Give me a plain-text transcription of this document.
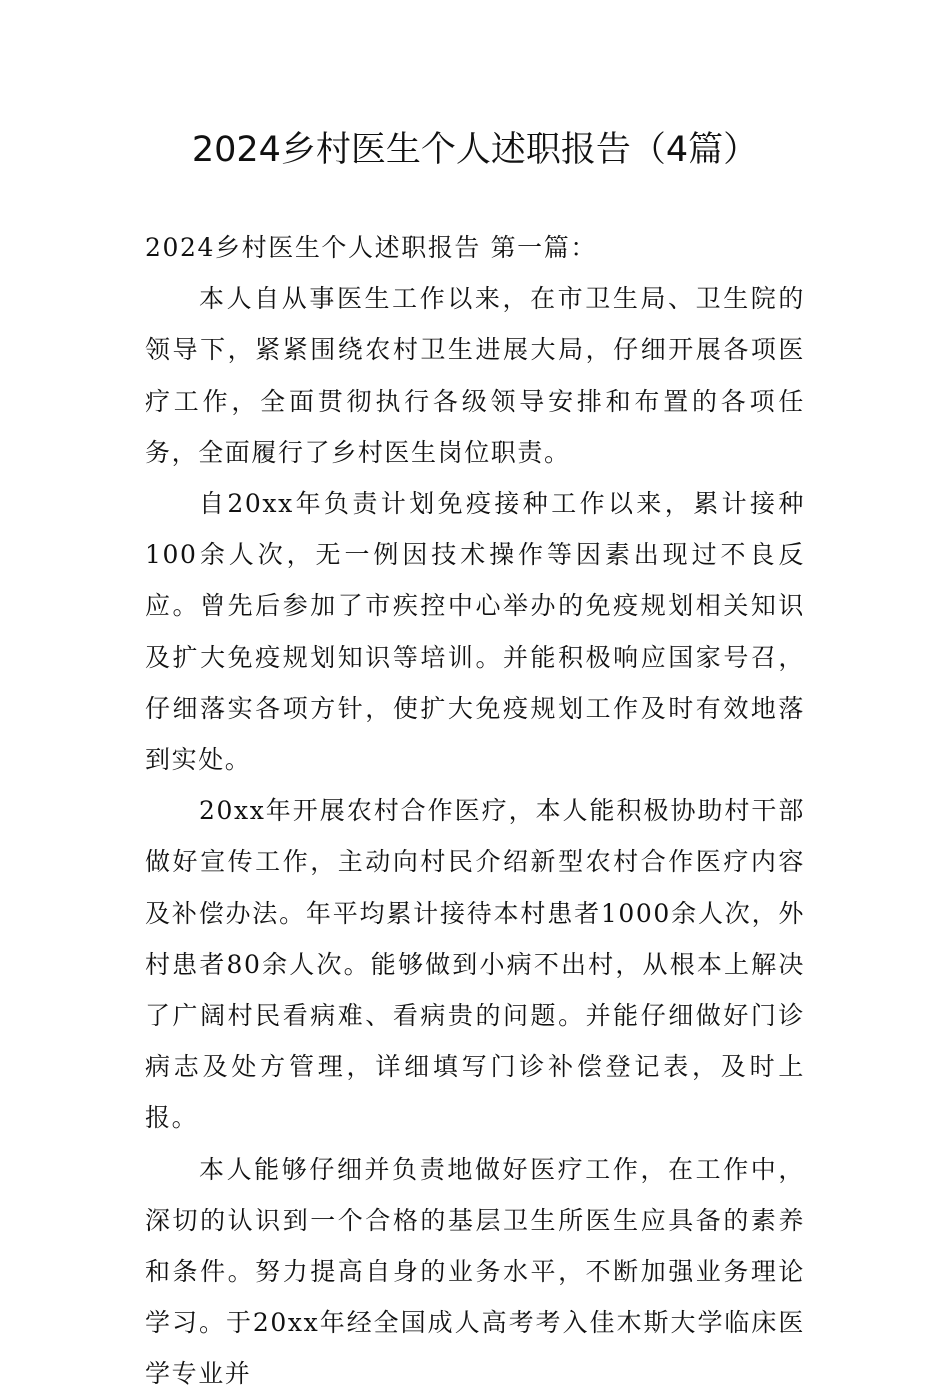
2024乡村医生个人述职报告（4篇）

2024乡村医生个人述职报告 第一篇：

本人自从事医生工作以来，在市卫生局、卫生院的领导下，紧紧围绕农村卫生进展大局，仔细开展各项医疗工作，全面贯彻执行各级领导安排和布置的各项任务，全面履行了乡村医生岗位职责。

自20xx年负责计划免疫接种工作以来，累计接种100余人次，无一例因技术操作等因素出现过不良反应。曾先后参加了市疾控中心举办的免疫规划相关知识及扩大免疫规划知识等培训。并能积极响应国家号召，仔细落实各项方针，使扩大免疫规划工作及时有效地落到实处。

20xx年开展农村合作医疗，本人能积极协助村干部做好宣传工作，主动向村民介绍新型农村合作医疗内容及补偿办法。年平均累计接待本村患者1000余人次，外村患者80余人次。能够做到小病不出村，从根本上解决了广阔村民看病难、看病贵的问题。并能仔细做好门诊病志及处方管理，详细填写门诊补偿登记表，及时上报。

本人能够仔细并负责地做好医疗工作，在工作中，深切的认识到一个合格的基层卫生所医生应具备的素养和条件。努力提高自身的业务水平，不断加强业务理论学习。于20xx年经全国成人高考考入佳木斯大学临床医学专业并
